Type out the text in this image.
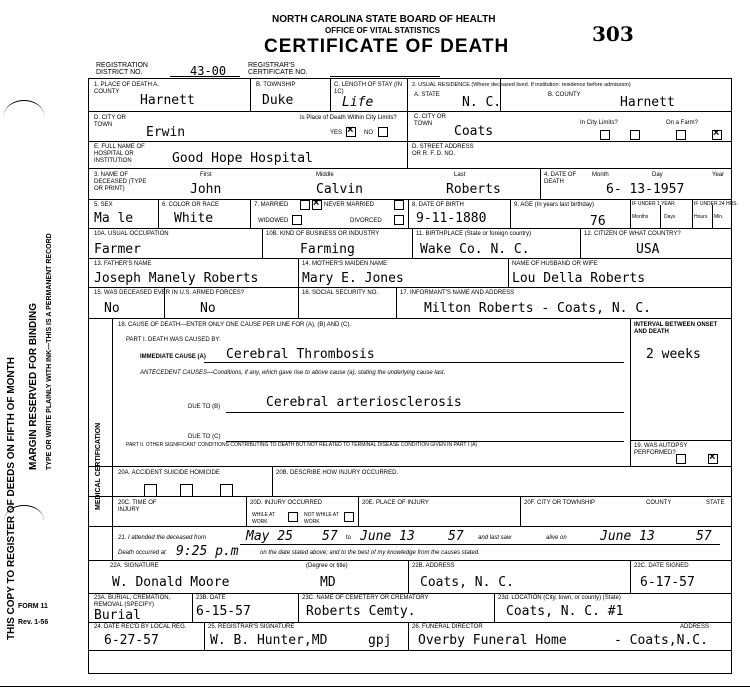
THIS COPY TO REGISTER OF DEEDS ON FIFTH OF MONTH MARGIN RESERVED FOR BINDING TYPE OR WRITE PLAINLY WITH INK—THIS IS A PERMANENT RECORD
FORM 11
Rev. 1-56
NORTH CAROLINA STATE BOARD OF HEALTH
OFFICE OF VITAL STATISTICS
CERTIFICATE OF DEATH
303
REGISTRATION DISTRICT NO.	43-00	REGISTRAR'S CERTIFICATE NO.
1. PLACE OF DEATH A. COUNTY
Harnett
B. TOWNSHIP
Duke
C. LENGTH OF STAY (IN 1C)
Life
D. CITY OR TOWN	Erwin
Is Place of Death Within City Limits?
YES ×	NO
E. FULL NAME OF HOSPITAL OR INSTITUTION	Good Hope Hospital
2. USUAL RESIDENCE (Where deceased lived. If institution: residence before admission)
A. STATE N. C.	B. COUNTY	Harnett
C. CITY OR TOWN	Coats
In City Limits?	On a Farm?
×
D. STREET ADDRESS OR R. F. D. NO.
3. NAME OF DECEASED (TYPE OR PRINT)
First	Middle	Last
John	Calvin	Roberts
4. DATE OF DEATH
Month	Day	Year
6- 13-1957
5. SEX
Ma le
6. COLOR OR RACE
White
7. MARRIED ×	NEVER MARRIED
WIDOWED	DIVORCED
8. DATE OF BIRTH
9-11-1880
9. AGE (In years last birthday)
76
IF UNDER 1 YEAR	IF UNDER 24 HRS.
Months	Days	Hours Min.
10A. USUAL OCCUPATION
Farmer
10B. KIND OF BUSINESS OR INDUSTRY
Farming
11. BIRTHPLACE (State or foreign country)
Wake Co. N. C.
12. CITIZEN OF WHAT COUNTRY?
USA
13. FATHER'S NAME
Joseph Manely Roberts
14. MOTHER'S MAIDEN NAME
Mary E. Jones
NAME OF HUSBAND OR WIFE
Lou Della Roberts
15. WAS DECEASED EVER IN U.S. ARMED FORCES?
No	No
16. SOCIAL SECURITY NO.	17. INFORMANT'S NAME AND ADDRESS
Milton Roberts - Coats, N. C.
MEDICAL CERTIFICATION
18. CAUSE OF DEATH—ENTER ONLY ONE CAUSE PER LINE FOR (A), (B) AND (C).
PART I. DEATH WAS CAUSED BY:
IMMEDIATE CAUSE (A) Cerebral Thrombosis
INTERVAL BETWEEN ONSET AND DEATH
2 weeks
ANTECEDENT CAUSES—Conditions, if any, which gave rise to above cause (a), stating the underlying cause last.
DUE TO (B)	Cerebral arteriosclerosis
DUE TO (C)
PART II. OTHER SIGNIFICANT CONDITIONS CONTRIBUTING TO DEATH BUT NOT RELATED TO TERMINAL DISEASE CONDITION GIVEN IN PART I (A)	19. WAS AUTOPSY PERFORMED?
×
20A. ACCIDENT SUICIDE HOMICIDE	20B. DESCRIBE HOW INJURY OCCURRED.
20C. TIME OF INJURY
20D. INJURY OCCURRED
WHILE AT WORK
NOT WHILE AT WORK
20E. PLACE OF INJURY	20F. CITY OR TOWNSHIP	COUNTY	STATE
21. I attended the deceased from	May 25 57 to June 13	57 and last saw	alive on	June 13	57
Death occurred at 9:25 p.m	on the date stated above; and to the best of my knowledge from the causes stated.
22A. SIGNATURE	(Degree or title)
W. Donald Moore	MD
22B. ADDRESS
Coats, N. C.
22C. DATE SIGNED
6-17-57
23A. BURIAL, CREMATION, REMOVAL (SPECIFY)
Burial
23B. DATE
6-15-57
23C. NAME OF CEMETERY OR CREMATORY
Roberts Cemty.
23d. LOCATION (City, town, or county) (State)
Coats, N. C. #1
24. DATE REC'D BY LOCAL REG.
6-27-57
25. REGISTRAR'S SIGNATURE
W. B. Hunter,MD	gpj
26. FUNERAL DIRECTOR	ADDRESS
Overby Funeral Home	- Coats,N.C.
